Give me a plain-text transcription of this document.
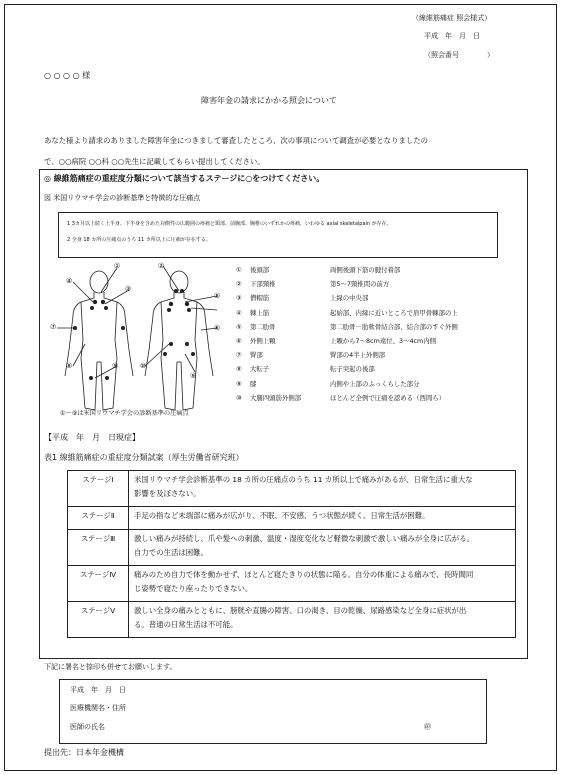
（線維筋痛症 照会様式）
平成　年　月　日
（照会番号　　　　）
○ ○ ○ ○ 様
障害年金の請求にかかる照会について
あなた様より請求のありました障害年金につきまして審査したところ、次の事項について調査が必要となりましたの
で、○○病院 ○○科 ○○先生に記載してもらい提出してください。
◎ 線維筋痛症の重症度分類について該当するステージに○をつけてください。
図 米国リウマチ学会の診断基準と特徴的な圧痛点
1 3カ月以上続く上半身、下半身を含めた対側性の広範囲の疼痛と頸部、前胸部、胸椎のいずれかの疼痛、いわゆる axial skeletalpain が存在。
2 全身 18 カ所の圧痛点のうち 11 カ所以上に圧痛が存在する。
①
④
③
⑦
⑧	⑨
②
⑤
⑥
⑩
⑨
①～⑨は米国リウマチ学会の診断基準の圧痛点
①	後頭部	両側後頭下筋の腱付着部
②	下部頸椎	第5～7頸椎間の前方
③	僧帽筋	上縁の中央部
④	棘上筋	起始部、内縁に近いところで肩甲骨棘部の上
⑤	第二肋骨	第二肋骨－肋軟骨結合部、結合部のすぐ外側
⑥	外側上顆	上顆から7～8cm遠位、3～4cm内側
⑦	臀部	臀部の4半上外側部
⑧	大転子	転子突起の後部
⑨	膝	内側や上部のふっくらした部分
⑩	大腿四頭筋外側部	ほとんど全例で圧痛を認める（西岡ら）
【平成　年　月　日現症】
表1 線維筋痛症の重症度分類試案（厚生労働省研究班）
ステージⅠ	米国リウマチ学会診断基準の 18 カ所の圧痛点のうち 11 カ所以上で痛みがあるが、日常生活に重大な
影響を及ぼさない。

ステージⅡ	手足の指など末端部に痛みが広がり、不眠、不安感、うつ状態が続く。日常生活が困難。

ステージⅢ	激しい痛みが持続し、爪や髪への刺激、温度・湿度変化など軽微な刺激で激しい痛みが全身に広がる。
自力での生活は困難。

ステージⅣ	痛みのため自力で体を動かせず、ほとんど寝たきりの状態に陥る。自分の体重による痛みで、長時間同
じ姿勢で寝たり座ったりできない。

ステージⅤ	激しい全身の痛みとともに、膀胱や直腸の障害、口の渇き、目の乾燥、尿路感染など全身に症状が出
る。普通の日常生活は不可能。
下記に署名と捺印も併せてお願いします。
平成　年　月　日
医療機関名・住所
医師の氏名	㊞
提出先：日本年金機構
